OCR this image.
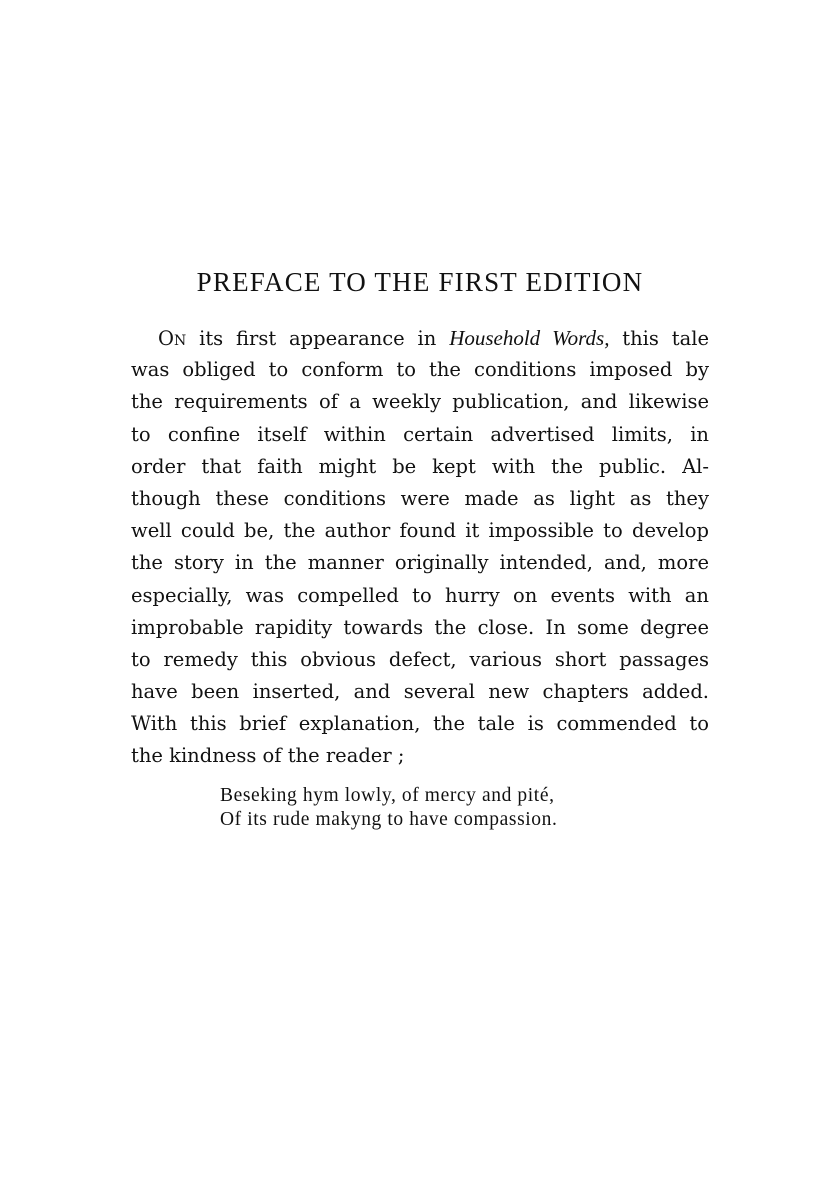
PREFACE TO THE FIRST EDITION
On its first appearance in Household Words, this tale
was obliged to conform to the conditions imposed by
the requirements of a weekly publication, and likewise
to confine itself within certain advertised limits, in
order that faith might be kept with the public. Al-
though these conditions were made as light as they
well could be, the author found it impossible to develop
the story in the manner originally intended, and, more
especially, was compelled to hurry on events with an
improbable rapidity towards the close. In some degree
to remedy this obvious defect, various short passages
have been inserted, and several new chapters added.
With this brief explanation, the tale is commended to
the kindness of the reader ;
Beseking hym lowly, of mercy and pité,
Of its rude makyng to have compassion.
